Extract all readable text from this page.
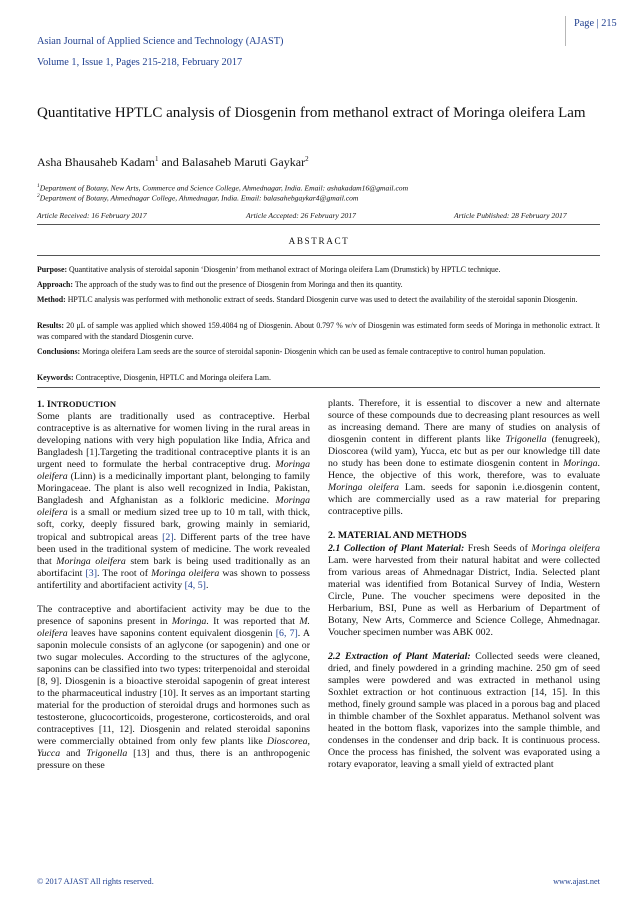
Asian Journal of Applied Science and Technology (AJAST)
Volume 1, Issue 1, Pages 215-218, February 2017
Page | 215
Quantitative HPTLC analysis of Diosgenin from methanol extract of Moringa oleifera Lam
Asha Bhausaheb Kadam$^1$ and Balasaheb Maruti Gaykar$^2$
$^1$Department of Botany, New Arts, Commerce and Science College, Ahmednagar, India. Email: ashakadam16@gmail.com
$^2$Department of Botany, Ahmednagar College, Ahmednagar, India. Email: balasahebgaykar4@gmail.com
Article Received: 16 February 2017	Article Accepted: 26 February 2017	Article Published: 28 February 2017
ABSTRACT
Purpose: Quantitative analysis of steroidal saponin ‘Diosgenin’ from methanol extract of Moringa oleifera Lam (Drumstick) by HPTLC technique.
Approach: The approach of the study was to find out the presence of Diosgenin from Moringa and then its quantity.
Method: HPTLC analysis was performed with methonolic extract of seeds. Standard Diosgenin curve was used to detect the availability of the steroidal saponin Diosgenin.
Results: 20 μL of sample was applied which showed 159.4084 ng of Diosgenin. About 0.797 % w/v of Diosgenin was estimated form seeds of Moringa in methonolic extract. It was compared with the standard Diosgenin curve.
Conclusions: Moringa oleifera Lam seeds are the source of steroidal saponin- Diosgenin which can be used as female contraceptive to control human population.
Keywords: Contraceptive, Diosgenin, HPTLC and Moringa oleifera Lam.

1. INTRODUCTION

Some plants are traditionally used as contraceptive. Herbal contraceptive is as alternative for women living in the rural areas in developing nations with very high population like India, Africa and Bangladesh [1].Targeting the traditional contraceptive plants it is an urgent need to formulate the herbal contraceptive drug. Moringa oleifera (Linn) is a medicinally important plant, belonging to family Moringaceae. The plant is also well recognized in India, Pakistan, Bangladesh and Afghanistan as a folkloric medicine. Moringa oleifera is a small or medium sized tree up to 10 m tall, with thick, soft, corky, deeply fissured bark, growing mainly in semiarid, tropical and subtropical areas [2]. Different parts of the tree have been used in the traditional system of medicine. The work revealed that Moringa oleifera stem bark is being used traditionally as an abortifacint [3]. The root of Moringa oleifera was shown to possess antifertility and abortifacient activity [4, 5].

The contraceptive and abortifacient activity may be due to the presence of saponins present in Moringa. It was reported that M. oleifera leaves have saponins content equivalent diosgenin [6, 7]. A saponin molecule consists of an aglycone (or sapogenin) and one or two sugar molecules. According to the structures of the aglycone, saponins can be classified into two types: triterpenoidal and steroidal [8, 9]. Diosgenin is a bioactive steroidal sapogenin of great interest to the pharmaceutical industry [10]. It serves as an important starting material for the production of steroidal drugs and hormones such as testosterone, glucocorticoids, progesterone, corticosteroids, and oral contraceptives [11, 12]. Diosgenin and related steroidal saponins were commercially obtained from only few plants like Dioscorea, Yucca and Trigonella [13] and thus, there is an anthropogenic pressure on these

plants. Therefore, it is essential to discover a new and alternate source of these compounds due to decreasing plant resources as well as increasing demand. There are many of studies on analysis of diosgenin content in different plants like Trigonella (fenugreek), Dioscorea (wild yam), Yucca, etc but as per our knowledge till date no study has been done to estimate diosgenin content in Moringa. Hence, the objective of this work, therefore, was to evaluate Moringa oleifera Lam. seeds for saponin i.e.diosgenin content, which are commercially used as a raw material for preparing contraceptive pills.

2. MATERIAL AND METHODS

2.1 Collection of Plant Material: Fresh Seeds of Moringa oleifera Lam. were harvested from their natural habitat and were collected from various areas of Ahmednagar District, India. Selected plant material was identified from Botanical Survey of India, Western Circle, Pune. The voucher specimens were deposited in the Herbarium, BSI, Pune as well as Herbarium of Department of Botany, New Arts, Commerce and Science College, Ahmednagar. Voucher specimen number was ABK 002.

2.2 Extraction of Plant Material: Collected seeds were cleaned, dried, and finely powdered in a grinding machine. 250 gm of seed samples were powdered and was extracted in methanol using Soxhlet extraction or hot continuous extraction [14, 15]. In this method, finely ground sample was placed in a porous bag and placed in thimble chamber of the Soxhlet apparatus. Methanol solvent was heated in the bottom flask, vaporizes into the sample thimble, and condenses in the condenser and drip back. It is continuous process. Once the process has finished, the solvent was evaporated using a rotary evaporator, leaving a small yield of extracted plant

© 2017 AJAST All rights reserved.	www.ajast.net
